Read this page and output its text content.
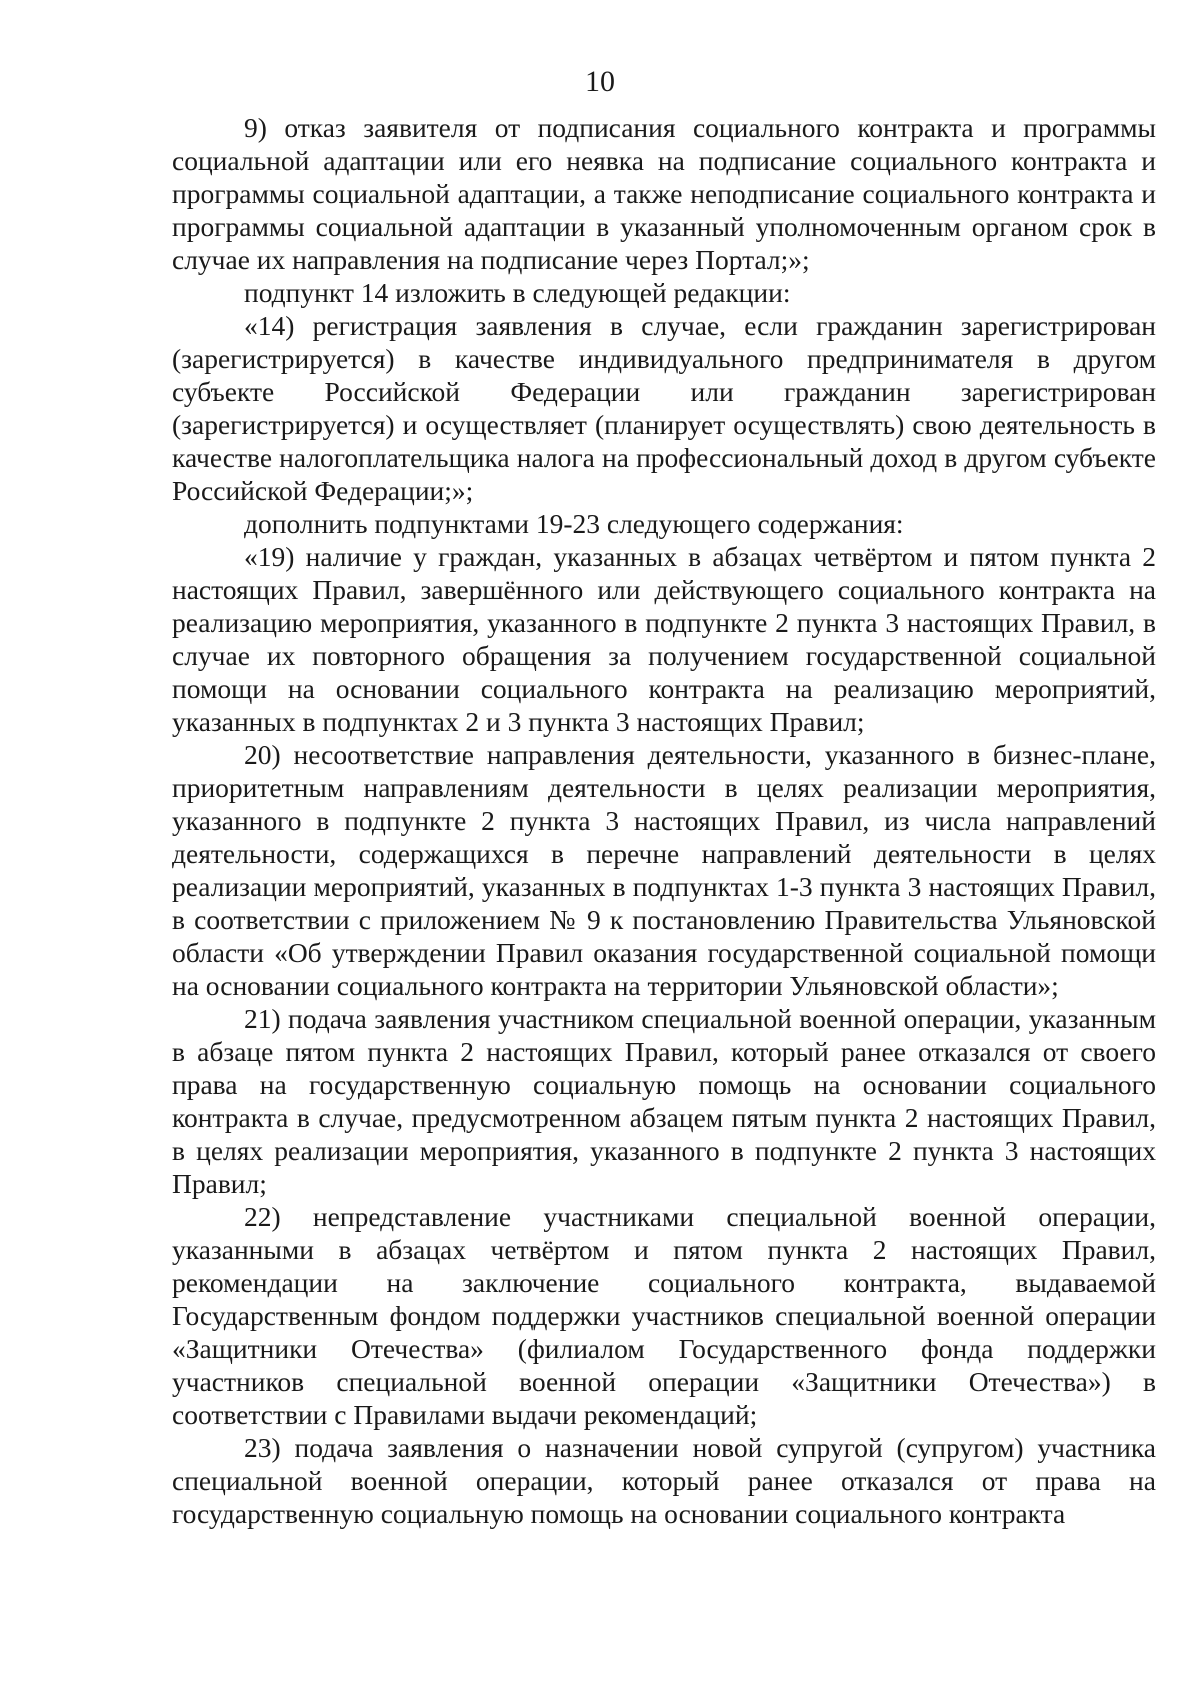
10

9) отказ заявителя от подписания социального контракта и программы социальной адаптации или его неявка на подписание социального контракта и программы социальной адаптации, а также неподписание социального контракта и программы социальной адаптации в указанный уполномоченным органом срок в случае их направления на подписание через Портал;»;

подпункт 14 изложить в следующей редакции:

«14) регистрация заявления в случае, если гражданин зарегистрирован (зарегистрируется) в качестве индивидуального предпринимателя в другом субъекте Российской Федерации или гражданин зарегистрирован (зарегистрируется) и осуществляет (планирует осуществлять) свою деятельность в качестве налогоплательщика налога на профессиональный доход в другом субъекте Российской Федерации;»;

дополнить подпунктами 19-23 следующего содержания:

«19) наличие у граждан, указанных в абзацах четвёртом и пятом пункта 2 настоящих Правил, завершённого или действующего социального контракта на реализацию мероприятия, указанного в подпункте 2 пункта 3 настоящих Правил, в случае их повторного обращения за получением государственной социальной помощи на основании социального контракта на реализацию мероприятий, указанных в подпунктах 2 и 3 пункта 3 настоящих Правил;

20) несоответствие направления деятельности, указанного в бизнес-плане, приоритетным направлениям деятельности в целях реализации мероприятия, указанного в подпункте 2 пункта 3 настоящих Правил, из числа направлений деятельности, содержащихся в перечне направлений деятельности в целях реализации мероприятий, указанных в подпунктах 1-3 пункта 3 настоящих Правил, в соответствии с приложением № 9 к постановлению Правительства Ульяновской области «Об утверждении Правил оказания государственной социальной помощи на основании социального контракта на территории Ульяновской области»;

21) подача заявления участником специальной военной операции, указанным в абзаце пятом пункта 2 настоящих Правил, который ранее отказался от своего права на государственную социальную помощь на основании социального контракта в случае, предусмотренном абзацем пятым пункта 2 настоящих Правил, в целях реализации мероприятия, указанного в подпункте 2 пункта 3 настоящих Правил;

22) непредставление участниками специальной военной операции, указанными в абзацах четвёртом и пятом пункта 2 настоящих Правил, рекомендации на заключение социального контракта, выдаваемой Государственным фондом поддержки участников специальной военной операции «Защитники Отечества» (филиалом Государственного фонда поддержки участников специальной военной операции «Защитники Отечества») в соответствии с Правилами выдачи рекомендаций;

23) подача заявления о назначении новой супругой (супругом) участника специальной военной операции, который ранее отказался от права на государственную социальную помощь на основании социального контракта
